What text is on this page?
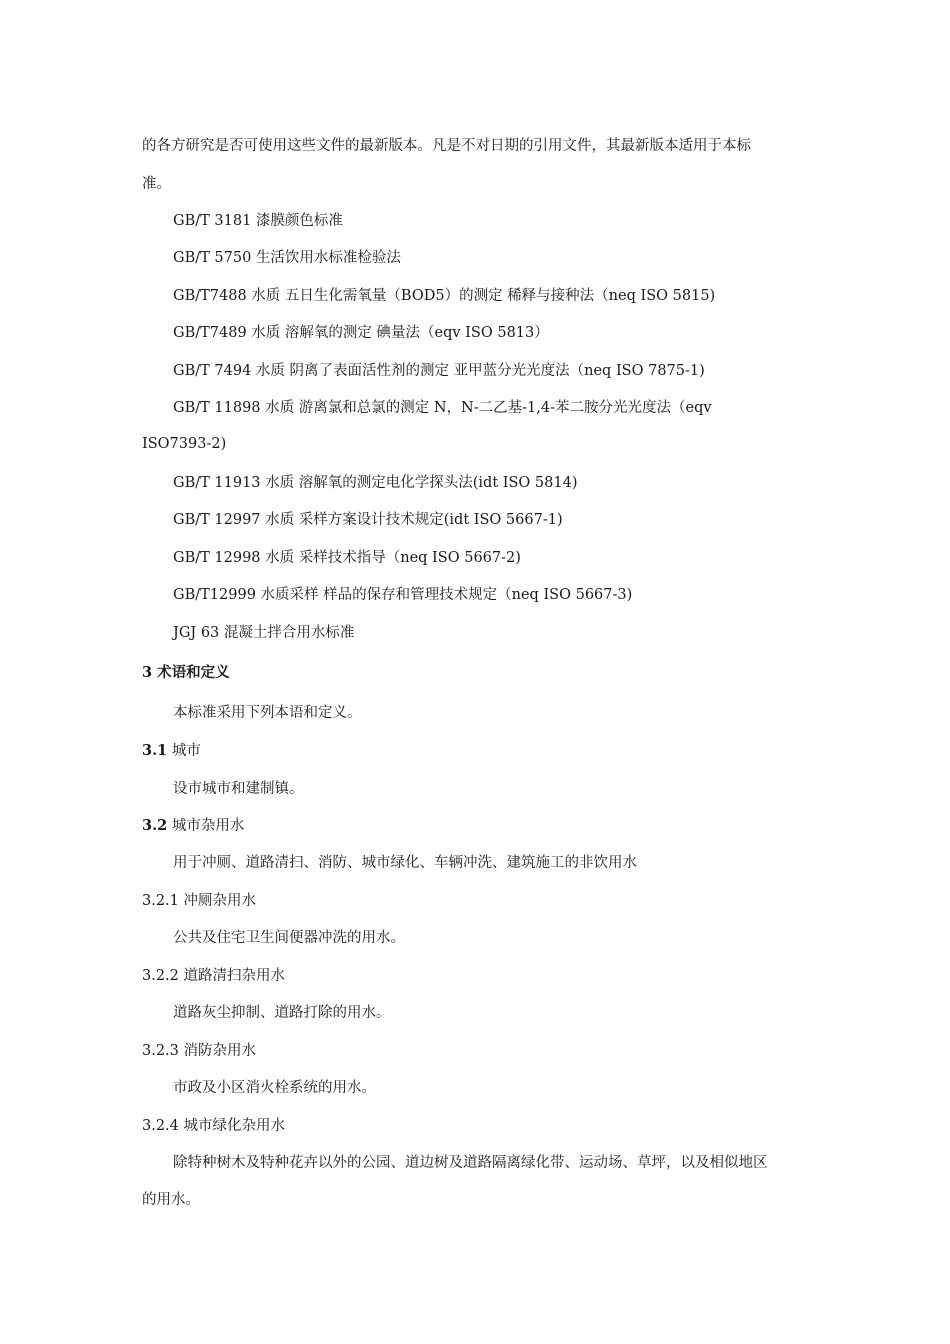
的各方研究是否可使用这些文件的最新版本。凡是不对日期的引用文件，其最新版本适用于本标
准。
GB/T 3181 漆膜颜色标准
GB/T 5750 生活饮用水标准检验法
GB/T7488 水质 五日生化需氧量（BOD5）的测定 稀释与接种法（neq ISO 5815)
GB/T7489 水质 溶解氧的测定 碘量法（eqv ISO 5813）
GB/T 7494 水质 阴离了表面活性剂的测定 亚甲蓝分光光度法（neq ISO 7875-1)
GB/T 11898 水质 游离氯和总氯的测定 N，N-二乙基-1,4-苯二胺分光光度法（eqv
ISO7393-2)
GB/T 11913 水质 溶解氧的测定电化学探头法(idt ISO 5814)
GB/T 12997 水质 采样方案设计技术规定(idt ISO 5667-1)
GB/T 12998 水质 采样技术指导（neq ISO 5667-2)
GB/T12999 水质采样 样品的保存和管理技术规定（neq ISO 5667-3)
JGJ 63 混凝土拌合用水标准
3 术语和定义
本标准采用下列本语和定义。
3.1 城市
设市城市和建制镇。
3.2 城市杂用水
用于冲厕、道路清扫、消防、城市绿化、车辆冲洗、建筑施工的非饮用水
3.2.1 冲厕杂用水
公共及住宅卫生间便器冲洗的用水。
3.2.2 道路清扫杂用水
道路灰尘抑制、道路打除的用水。
3.2.3 消防杂用水
市政及小区消火栓系统的用水。
3.2.4 城市绿化杂用水
除特种树木及特种花卉以外的公园、道边树及道路隔离绿化带、运动场、草坪，以及相似地区
的用水。
